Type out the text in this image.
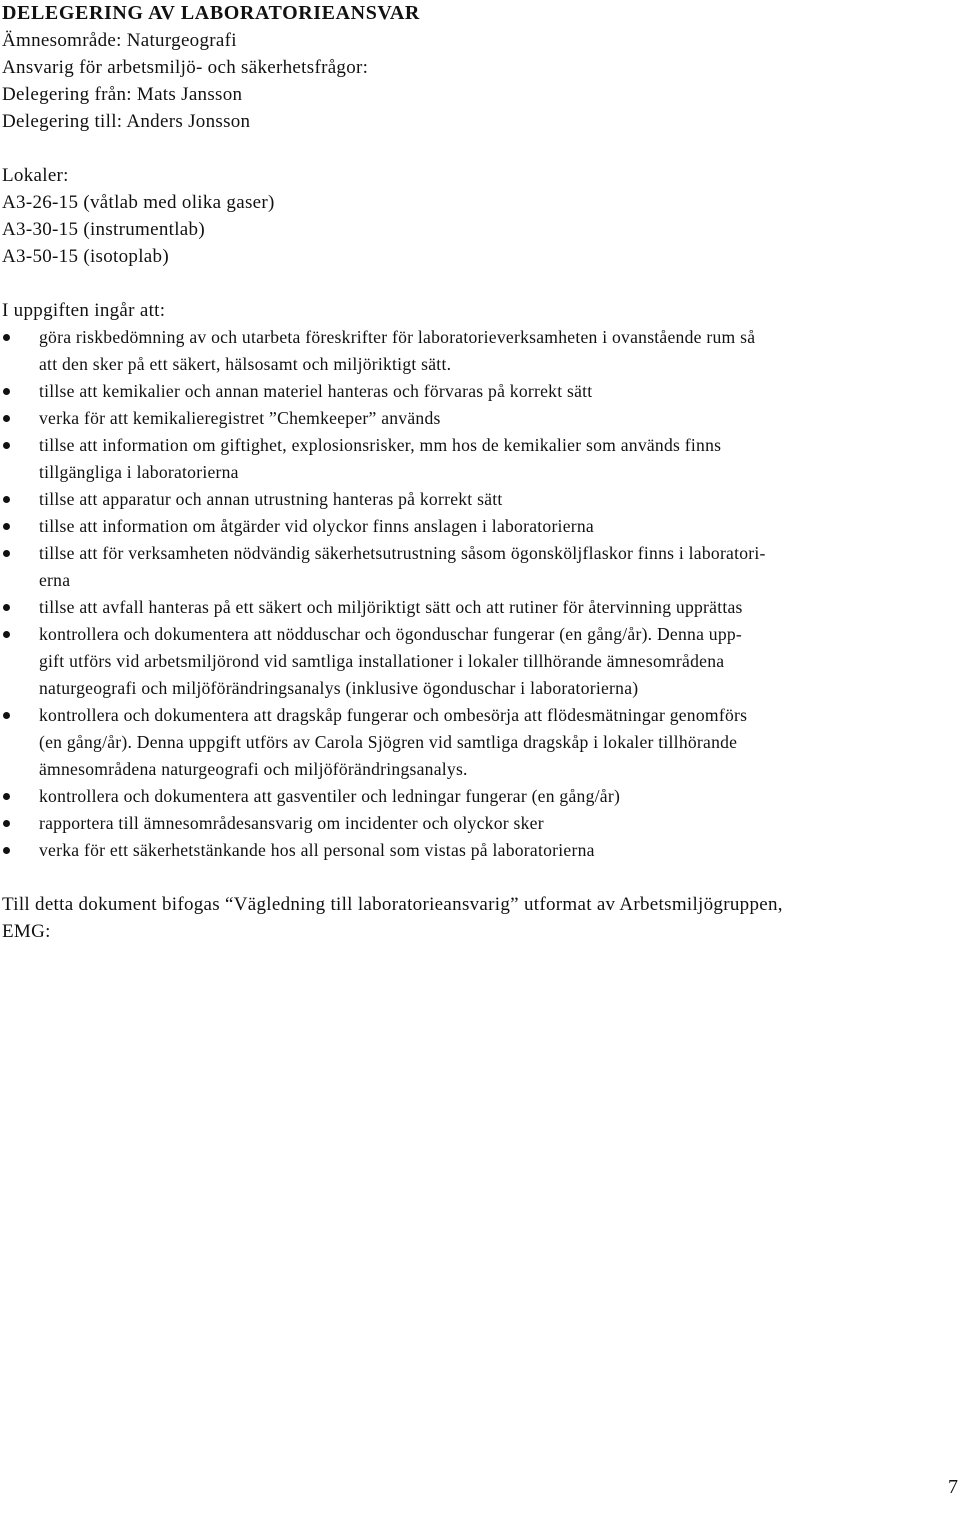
DELEGERING AV LABORATORIEANSVAR
Ämnesområde: Naturgeografi
Ansvarig för arbetsmiljö- och säkerhetsfrågor:
Delegering från: Mats Jansson
Delegering till: Anders Jonsson
Lokaler:
A3-26-15 (våtlab med olika gaser)
A3-30-15 (instrumentlab)
A3-50-15 (isotoplab)
I uppgiften ingår att:
göra riskbedömning av och utarbeta föreskrifter för laboratorieverksamheten i ovanstående rum så
att den sker på ett säkert, hälsosamt och miljöriktigt sätt.
tillse att kemikalier och annan materiel hanteras och förvaras på korrekt sätt
verka för att kemikalieregistret ”Chemkeeper” används
tillse att information om giftighet, explosionsrisker, mm hos de kemikalier som används finns
tillgängliga i laboratorierna
tillse att apparatur och annan utrustning hanteras på korrekt sätt
tillse att information om åtgärder vid olyckor finns anslagen i laboratorierna
tillse att för verksamheten nödvändig säkerhetsutrustning såsom ögonsköljflaskor finns i laboratori-
erna
tillse att avfall hanteras på ett säkert och miljöriktigt sätt och att rutiner för återvinning upprättas
kontrollera och dokumentera att nödduschar och ögonduschar fungerar (en gång/år). Denna upp-
gift utförs vid arbetsmiljörond vid samtliga installationer i lokaler tillhörande ämnesområdena
naturgeografi och miljöförändringsanalys (inklusive ögonduschar i laboratorierna)
kontrollera och dokumentera att dragskåp fungerar och ombesörja att flödesmätningar genomförs
(en gång/år). Denna uppgift utförs av Carola Sjögren vid samtliga dragskåp i lokaler tillhörande
ämnesområdena naturgeografi och miljöförändringsanalys.
kontrollera och dokumentera att gasventiler och ledningar fungerar (en gång/år)
rapportera till ämnesområdesansvarig om incidenter och olyckor sker
verka för ett säkerhetstänkande hos all personal som vistas på laboratorierna
Till detta dokument bifogas “Vägledning till laboratorieansvarig” utformat av Arbetsmiljögruppen,
EMG:
7
